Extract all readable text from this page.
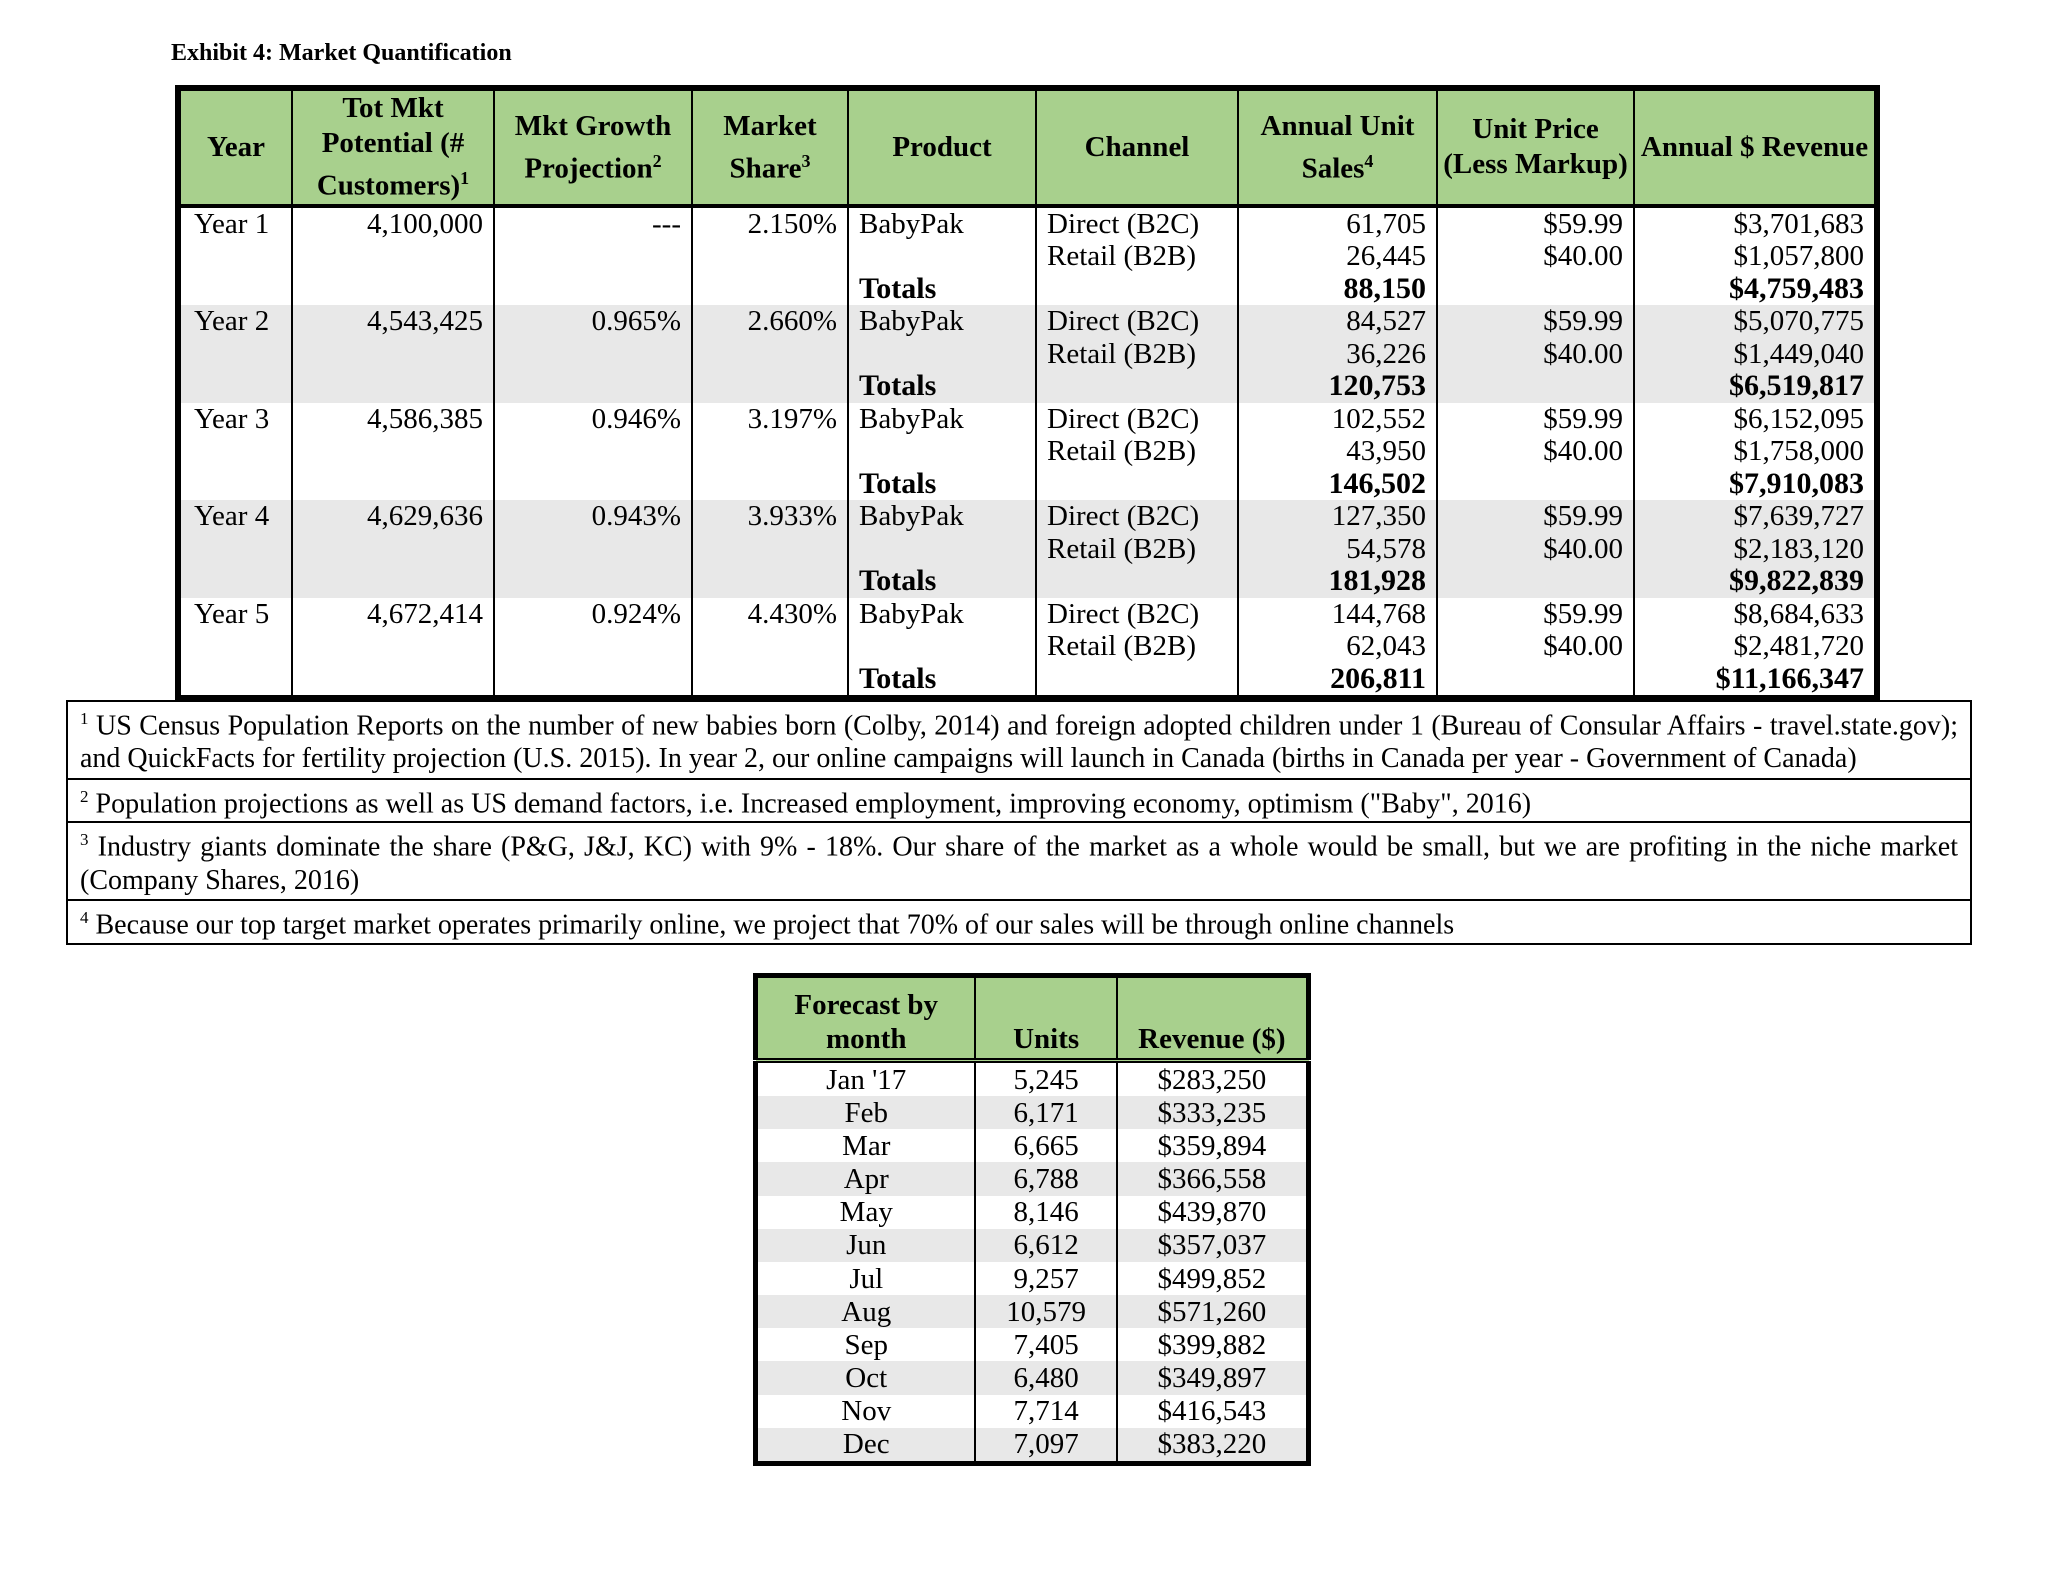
Exhibit 4: Market Quantification
Year	Tot Mkt Potential (# Customers)$^1$	Mkt Growth Projection$^2$	Market Share$^3$	Product	Channel	Annual Unit Sales$^4$	Unit Price (Less Markup)	Annual $ Revenue
Year 1	4,100,000	---	2.150%	BabyPak	Direct (B2C)	61,705	$59.99	$3,701,683
					Retail (B2B)	26,445	$40.00	$1,057,800
				Totals		88,150		$4,759,483
Year 2	4,543,425	0.965%	2.660%	BabyPak	Direct (B2C)	84,527	$59.99	$5,070,775
					Retail (B2B)	36,226	$40.00	$1,449,040
				Totals		120,753		$6,519,817
Year 3	4,586,385	0.946%	3.197%	BabyPak	Direct (B2C)	102,552	$59.99	$6,152,095
					Retail (B2B)	43,950	$40.00	$1,758,000
				Totals		146,502		$7,910,083
Year 4	4,629,636	0.943%	3.933%	BabyPak	Direct (B2C)	127,350	$59.99	$7,639,727
					Retail (B2B)	54,578	$40.00	$2,183,120
				Totals		181,928		$9,822,839
Year 5	4,672,414	0.924%	4.430%	BabyPak	Direct (B2C)	144,768	$59.99	$8,684,633
					Retail (B2B)	62,043	$40.00	$2,481,720
				Totals		206,811		$11,166,347
$^1$ US Census Population Reports on the number of new babies born (Colby, 2014) and foreign adopted children under 1 (Bureau of Consular Affairs - travel.state.gov); and QuickFacts for fertility projection (U.S. 2015). In year 2, our online campaigns will launch in Canada (births in Canada per year - Government of Canada)
$^2$ Population projections as well as US demand factors, i.e. Increased employment, improving economy, optimism ("Baby", 2016)
$^3$ Industry giants dominate the share (P&G, J&J, KC) with 9% - 18%. Our share of the market as a whole would be small, but we are profiting in the niche market (Company Shares, 2016)
$^4$ Because our top target market operates primarily online, we project that 70% of our sales will be through online channels
Forecast by month	Units	Revenue ($)
Jan '17	5,245	$283,250
Feb	6,171	$333,235
Mar	6,665	$359,894
Apr	6,788	$366,558
May	8,146	$439,870
Jun	6,612	$357,037
Jul	9,257	$499,852
Aug	10,579	$571,260
Sep	7,405	$399,882
Oct	6,480	$349,897
Nov	7,714	$416,543
Dec	7,097	$383,220
